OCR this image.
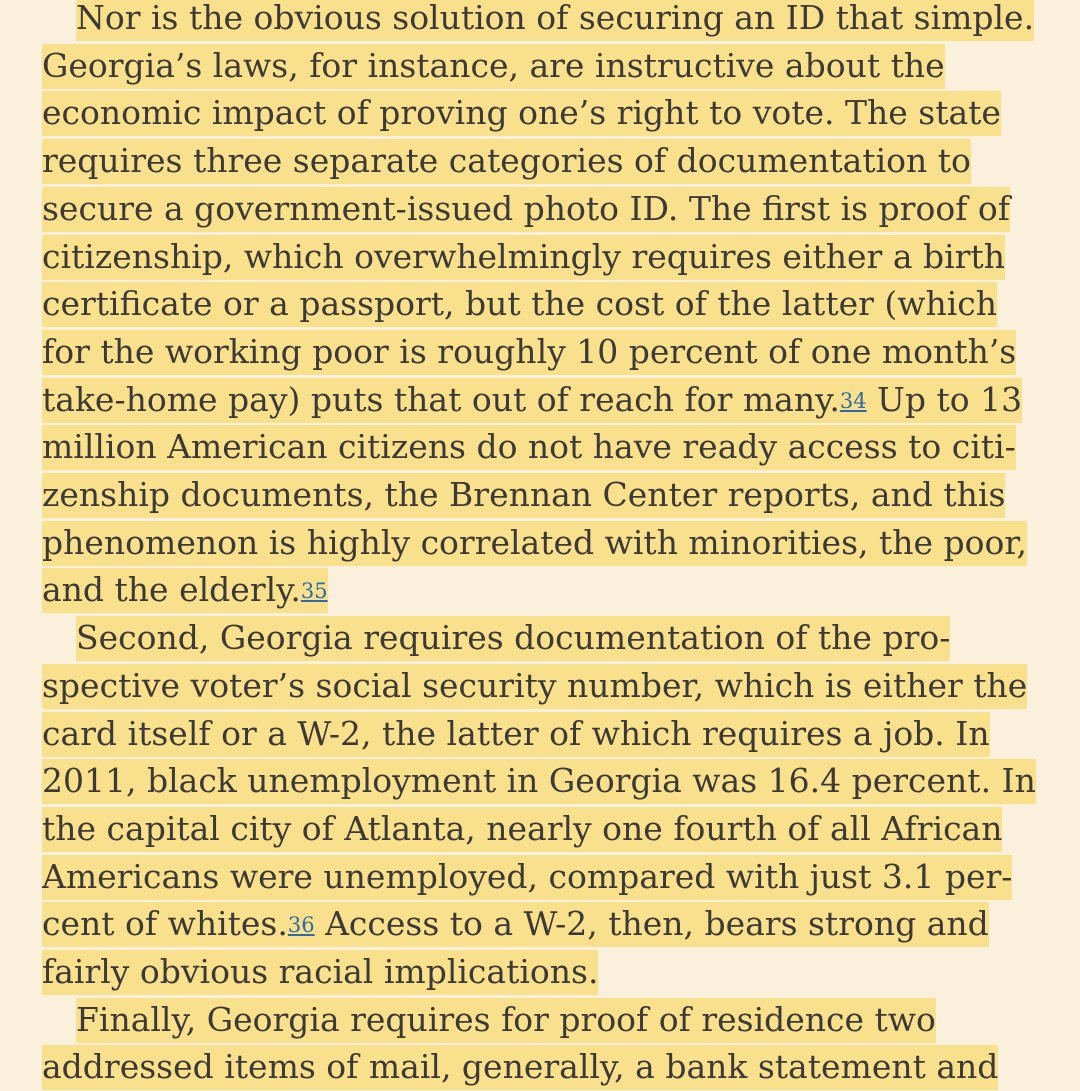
Nor is the obvious solution of securing an ID that simple.
Georgia’s laws, for instance, are instructive about the
economic impact of proving one’s right to vote. The state
requires three separate categories of documentation to
secure a government-issued photo ID. The first is proof of
citizenship, which overwhelmingly requires either a birth
certificate or a passport, but the cost of the latter (which
for the working poor is roughly 10 percent of one month’s
take-home pay) puts that out of reach for many.34 Up to 13
million American citizens do not have ready access to citi-
zenship documents, the Brennan Center reports, and this
phenomenon is highly correlated with minorities, the poor,
and the elderly.35
Second, Georgia requires documentation of the pro-
spective voter’s social security number, which is either the
card itself or a W-2, the latter of which requires a job. In
2011, black unemployment in Georgia was 16.4 percent. In
the capital city of Atlanta, nearly one fourth of all African
Americans were unemployed, compared with just 3.1 per-
cent of whites.36 Access to a W-2, then, bears strong and
fairly obvious racial implications.
Finally, Georgia requires for proof of residence two
addressed items of mail, generally, a bank statement and
